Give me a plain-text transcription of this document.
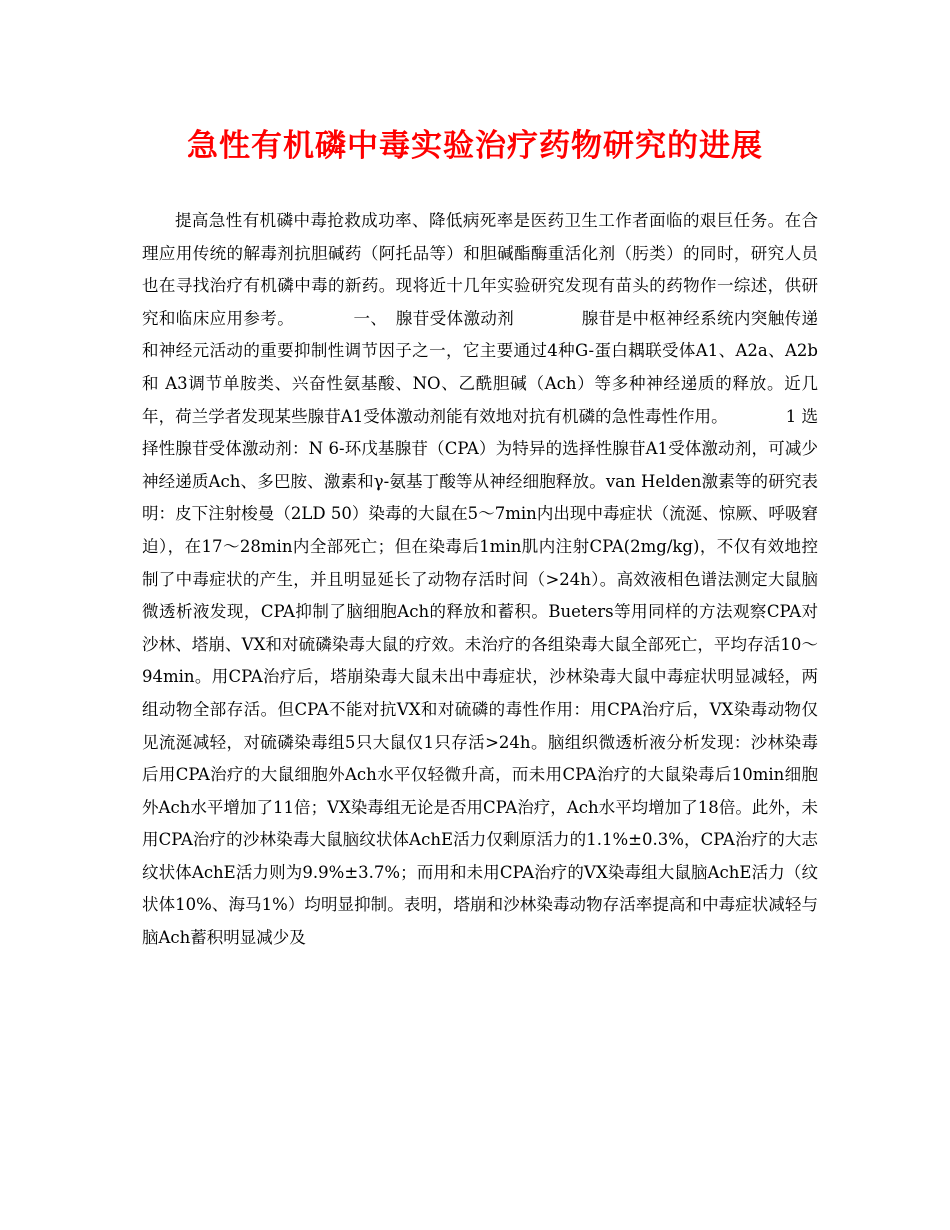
急性有机磷中毒实验治疗药物研究的进展

提高急性有机磷中毒抢救成功率、降低病死率是医药卫生工作者面临的艰巨任务。在合理应用传统的解毒剂抗胆碱药（阿托品等）和胆碱酯酶重活化剂（肟类）的同时，研究人员也在寻找治疗有机磷中毒的新药。现将近十几年实验研究发现有苗头的药物作一综述，供研究和临床应用参考。　　　　一、　腺苷受体激动剂　　　　腺苷是中枢神经系统内突触传递和神经元活动的重要抑制性调节因子之一，它主要通过4种G-蛋白耦联受体A1、A2a、A2b和 A3调节单胺类、兴奋性氨基酸、NO、乙酰胆碱（Ach）等多种神经递质的释放。近几年，荷兰学者发现某些腺苷A1受体激动剂能有效地对抗有机磷的急性毒性作用。　　　　1 选择性腺苷受体激动剂：N 6-环戊基腺苷（CPA）为特异的选择性腺苷A1受体激动剂，可减少神经递质Ach、多巴胺、激素和γ-氨基丁酸等从神经细胞释放。van Helden激素等的研究表明：皮下注射梭曼（2LD 50）染毒的大鼠在5～7min内出现中毒症状（流涎、惊厥、呼吸窘迫），在17～28min内全部死亡；但在染毒后1min肌内注射CPA(2mg/kg)，不仅有效地控制了中毒症状的产生，并且明显延长了动物存活时间（>24h）。高效液相色谱法测定大鼠脑微透析液发现，CPA抑制了脑细胞Ach的释放和蓄积。Bueters等用同样的方法观察CPA对沙林、塔崩、VX和对硫磷染毒大鼠的疗效。未治疗的各组染毒大鼠全部死亡，平均存活10～94min。用CPA治疗后，塔崩染毒大鼠未出中毒症状，沙林染毒大鼠中毒症状明显减轻，两组动物全部存活。但CPA不能对抗VX和对硫磷的毒性作用：用CPA治疗后，VX染毒动物仅见流涎减轻，对硫磷染毒组5只大鼠仅1只存活>24h。脑组织微透析液分析发现：沙林染毒后用CPA治疗的大鼠细胞外Ach水平仅轻微升高，而未用CPA治疗的大鼠染毒后10min细胞外Ach水平增加了11倍；VX染毒组无论是否用CPA治疗，Ach水平均增加了18倍。此外，未用CPA治疗的沙林染毒大鼠脑纹状体AchE活力仅剩原活力的1.1%±0.3%，CPA治疗的大志纹状体AchE活力则为9.9%±3.7%；而用和未用CPA治疗的VX染毒组大鼠脑AchE活力（纹状体10%、海马1%）均明显抑制。表明，塔崩和沙林染毒动物存活率提高和中毒症状减轻与脑Ach蓄积明显减少及
